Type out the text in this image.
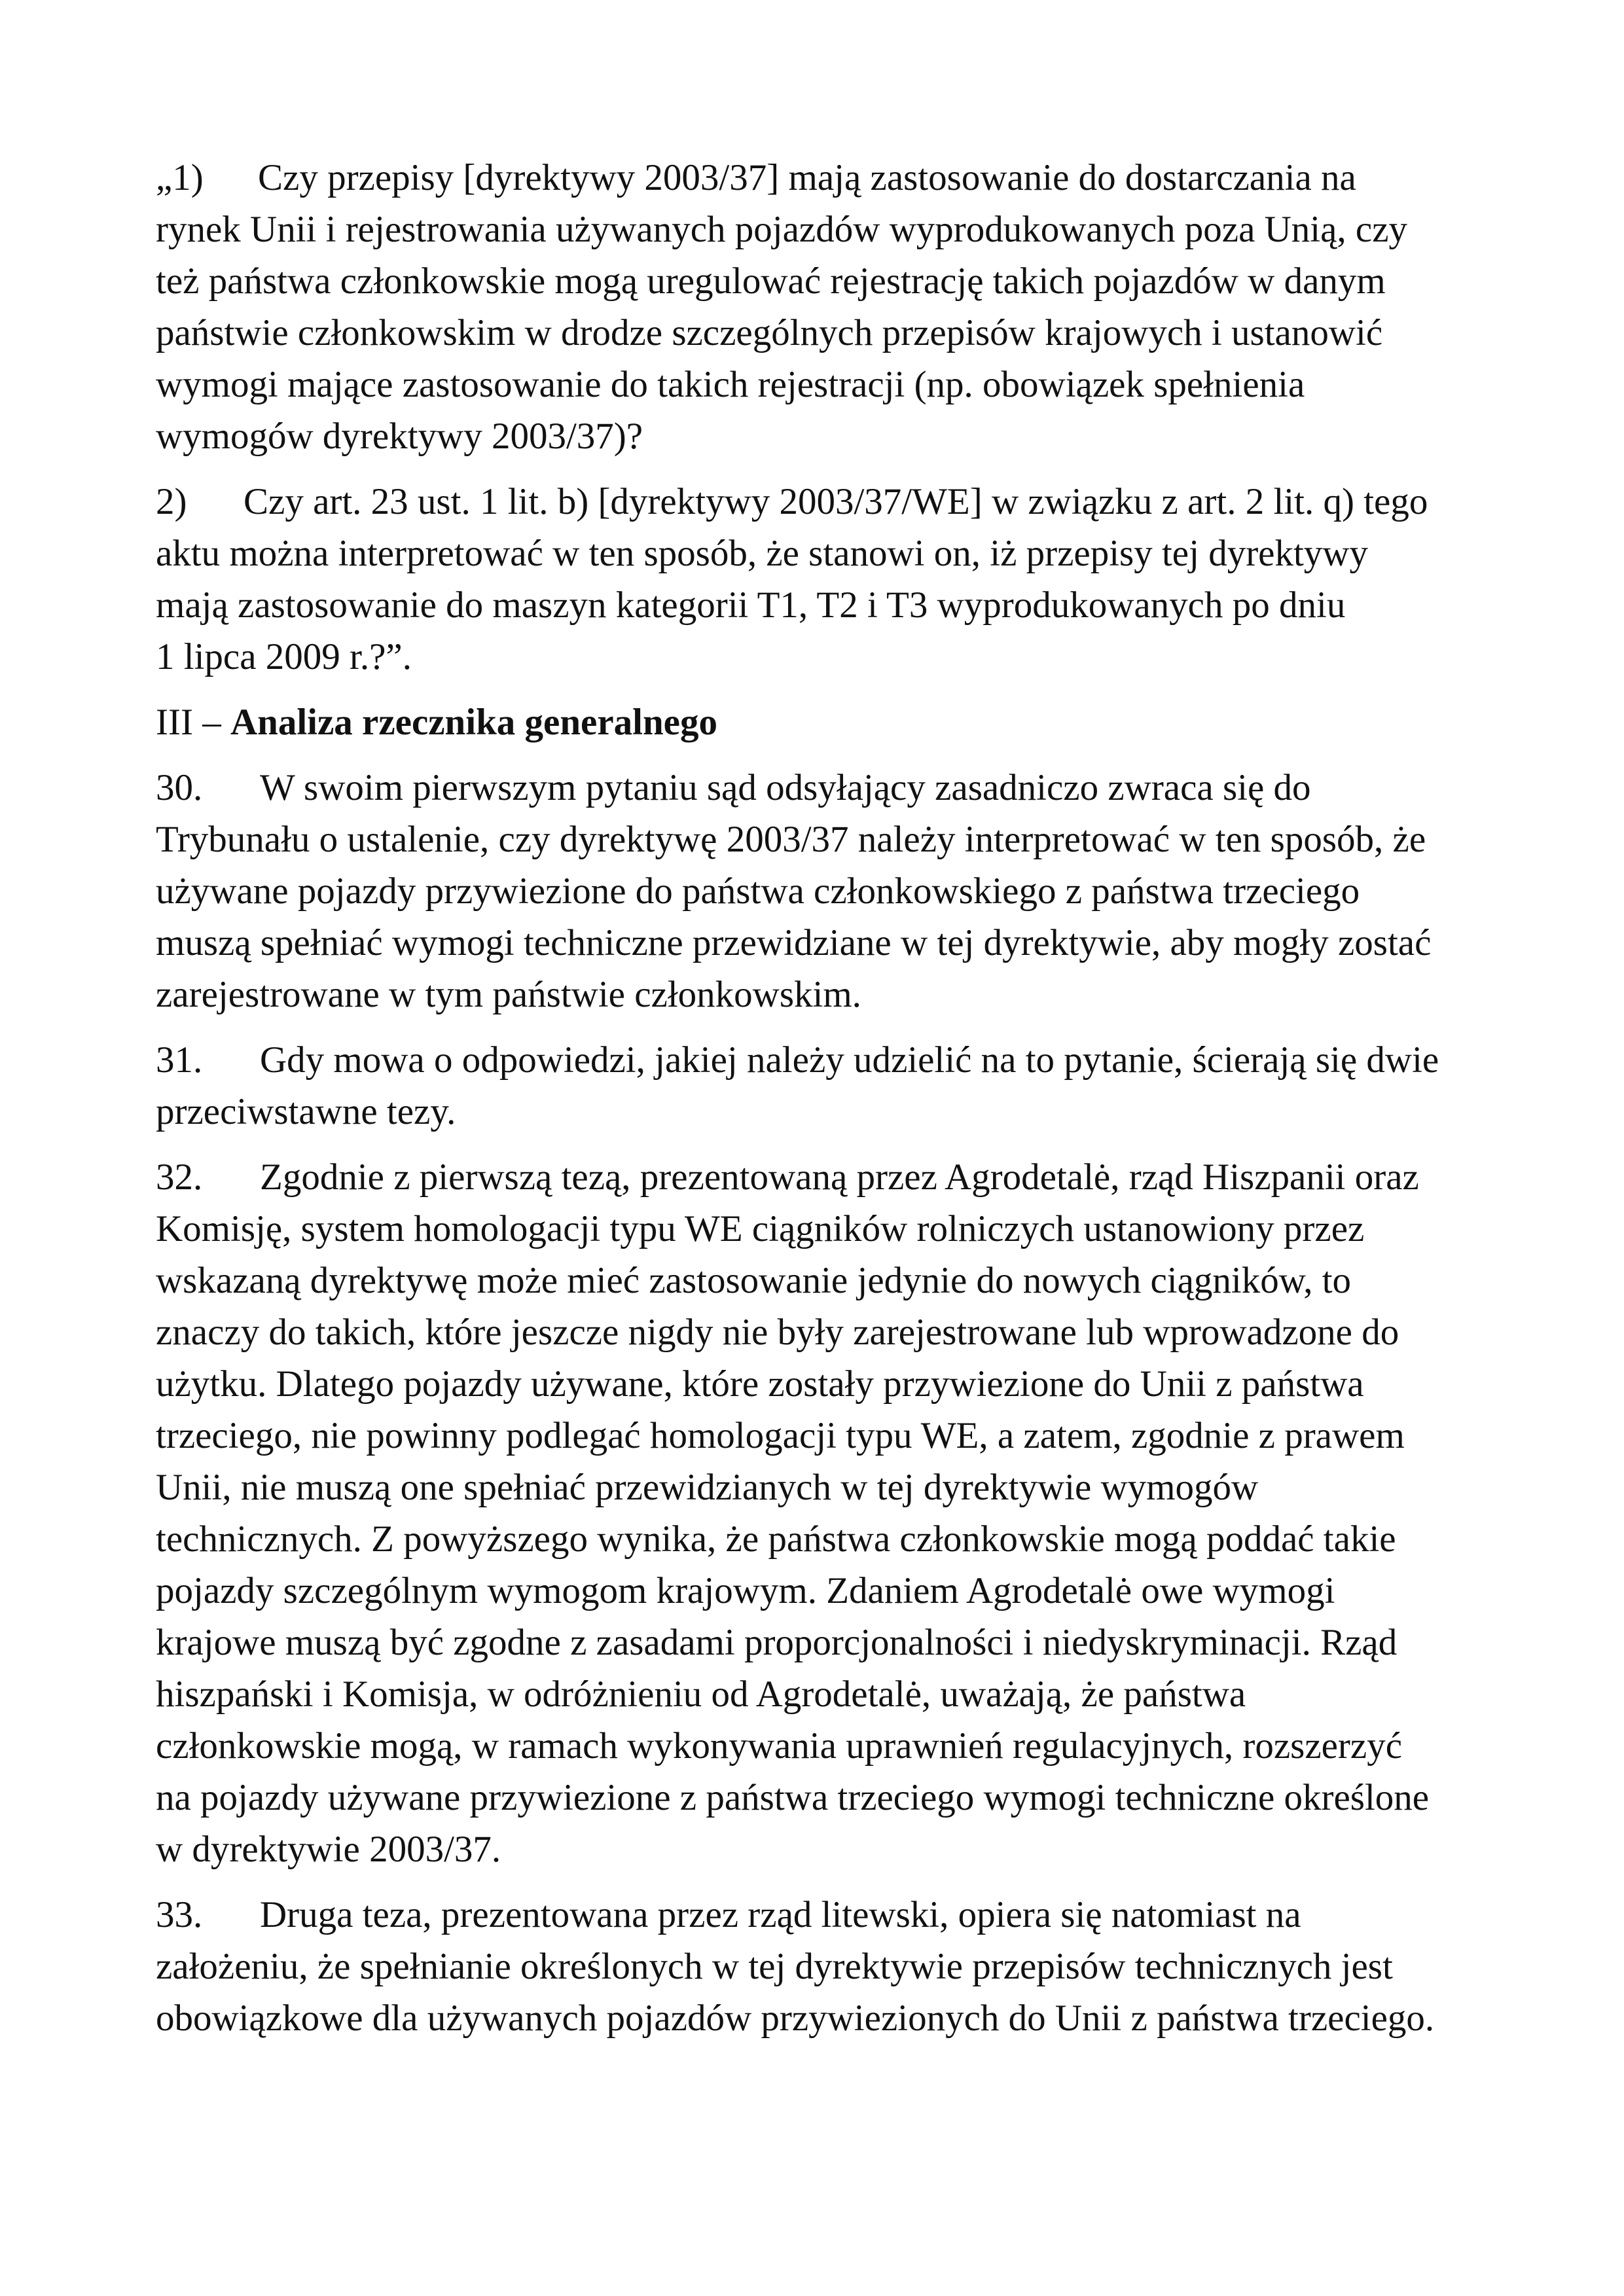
„1) Czy przepisy [dyrektywy 2003/37] mają zastosowanie do dostarczania na
rynek Unii i rejestrowania używanych pojazdów wyprodukowanych poza Unią, czy
też państwa członkowskie mogą uregulować rejestrację takich pojazdów w danym
państwie członkowskim w drodze szczególnych przepisów krajowych i ustanowić
wymogi mające zastosowanie do takich rejestracji (np. obowiązek spełnienia
wymogów dyrektywy 2003/37)?
2) Czy art. 23 ust. 1 lit. b) [dyrektywy 2003/37/WE] w związku z art. 2 lit. q) tego
aktu można interpretować w ten sposób, że stanowi on, iż przepisy tej dyrektywy
mają zastosowanie do maszyn kategorii T1, T2 i T3 wyprodukowanych po dniu
1 lipca 2009 r.?”.
III – Analiza rzecznika generalnego
30. W swoim pierwszym pytaniu sąd odsyłający zasadniczo zwraca się do
Trybunału o ustalenie, czy dyrektywę 2003/37 należy interpretować w ten sposób, że
używane pojazdy przywiezione do państwa członkowskiego z państwa trzeciego
muszą spełniać wymogi techniczne przewidziane w tej dyrektywie, aby mogły zostać
zarejestrowane w tym państwie członkowskim.
31. Gdy mowa o odpowiedzi, jakiej należy udzielić na to pytanie, ścierają się dwie
przeciwstawne tezy.
32. Zgodnie z pierwszą tezą, prezentowaną przez Agrodetalė, rząd Hiszpanii oraz
Komisję, system homologacji typu WE ciągników rolniczych ustanowiony przez
wskazaną dyrektywę może mieć zastosowanie jedynie do nowych ciągników, to
znaczy do takich, które jeszcze nigdy nie były zarejestrowane lub wprowadzone do
użytku. Dlatego pojazdy używane, które zostały przywiezione do Unii z państwa
trzeciego, nie powinny podlegać homologacji typu WE, a zatem, zgodnie z prawem
Unii, nie muszą one spełniać przewidzianych w tej dyrektywie wymogów
technicznych. Z powyższego wynika, że państwa członkowskie mogą poddać takie
pojazdy szczególnym wymogom krajowym. Zdaniem Agrodetalė owe wymogi
krajowe muszą być zgodne z zasadami proporcjonalności i niedyskryminacji. Rząd
hiszpański i Komisja, w odróżnieniu od Agrodetalė, uważają, że państwa
członkowskie mogą, w ramach wykonywania uprawnień regulacyjnych, rozszerzyć
na pojazdy używane przywiezione z państwa trzeciego wymogi techniczne określone
w dyrektywie 2003/37.
33. Druga teza, prezentowana przez rząd litewski, opiera się natomiast na
założeniu, że spełnianie określonych w tej dyrektywie przepisów technicznych jest
obowiązkowe dla używanych pojazdów przywiezionych do Unii z państwa trzeciego.
